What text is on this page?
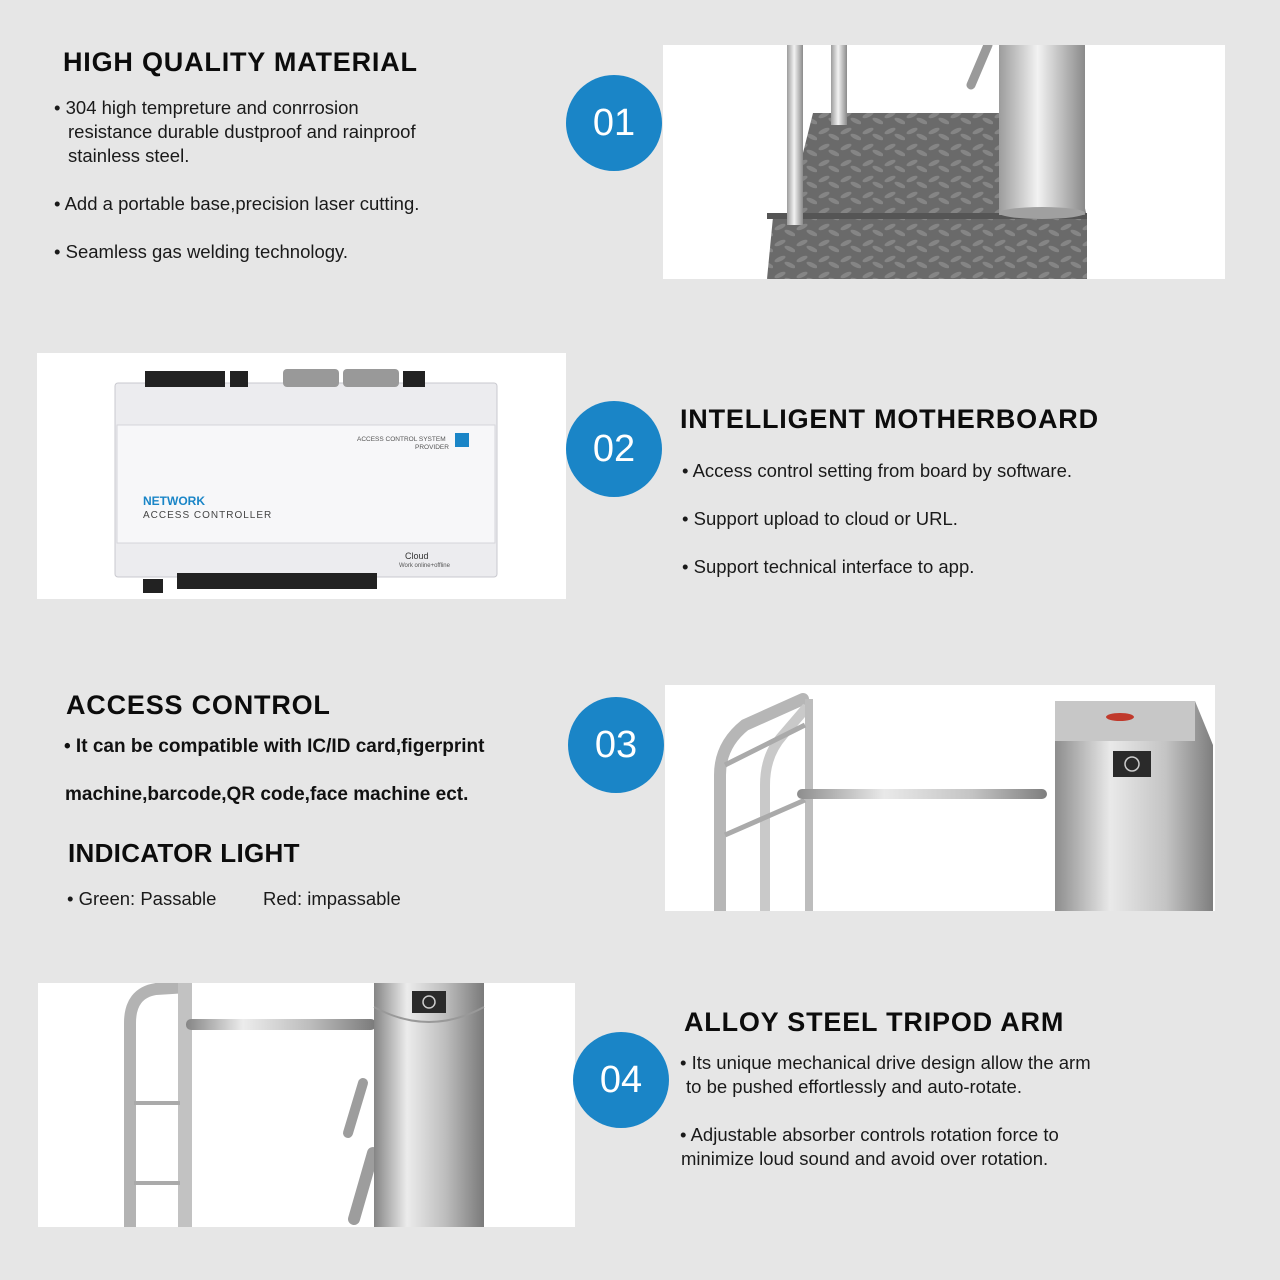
HIGH QUALITY MATERIAL
• 304 high tempreture and conrrosion
resistance durable dustproof and rainproof
stainless steel.
• Add a portable base,precision laser cutting.
• Seamless gas welding technology.
01
NETWORK
ACCESS CONTROLLER
ACCESS CONTROL SYSTEM
PROVIDER
Cloud
Work online+offline
02
INTELLIGENT MOTHERBOARD
• Access control setting from board by software.
• Support upload to cloud or URL.
• Support technical interface to app.
ACCESS CONTROL
• It can be compatible with IC/ID card,figerprint
machine,barcode,QR code,face machine ect.
INDICATOR LIGHT
• Green: Passable	Red: impassable
03
04
ALLOY STEEL TRIPOD ARM
• Its unique mechanical drive design allow the arm
to be pushed effortlessly and auto-rotate.
• Adjustable absorber controls rotation force to
minimize loud sound and avoid over rotation.
